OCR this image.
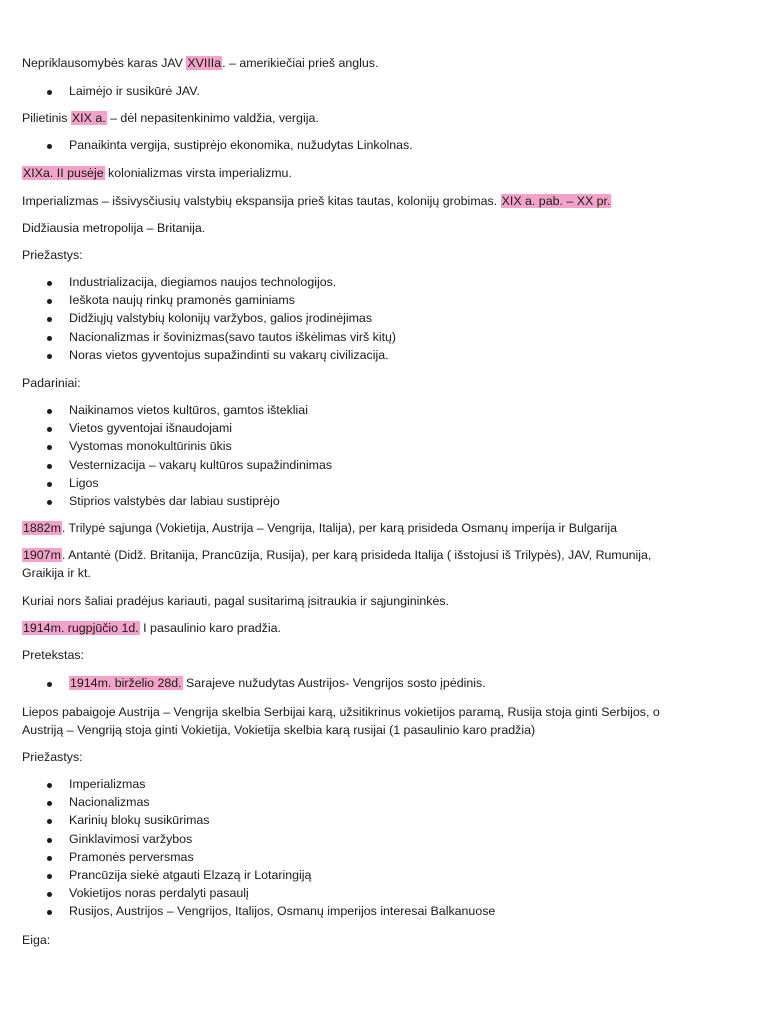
Nepriklausomybės karas JAV XVIIIa. – amerikiečiai prieš anglus.
Laimėjo ir susikūrė JAV.
Pilietinis XIX a. – dėl nepasitenkinimo valdžia, vergija.
Panaikinta vergija, sustiprėjo ekonomika, nužudytas Linkolnas.
XIXa. II pusėje kolonializmas virsta imperializmu.
Imperializmas – išsivysčiusių valstybių ekspansija prieš kitas tautas, kolonijų grobimas. XIX a. pab. – XX pr.
Didžiausia metropolija – Britanija.
Priežastys:
Industrializacija, diegiamos naujos technologijos.
Ieškota naujų rinkų pramonės gaminiams
Didžiųjų valstybių kolonijų varžybos, galios įrodinėjimas
Nacionalizmas ir šovinizmas(savo tautos iškėlimas virš kitų)
Noras vietos gyventojus supažindinti su vakarų civilizacija.
Padariniai:
Naikinamos vietos kultūros, gamtos ištekliai
Vietos gyventojai išnaudojami
Vystomas monokultūrinis ūkis
Vesternizacija – vakarų kultūros supažindinimas
Ligos
Stiprios valstybės dar labiau sustiprėjo
1882m. Trilypė sąjunga (Vokietija, Austrija – Vengrija, Italija), per karą prisideda Osmanų imperija ir Bulgarija
1907m. Antantė (Didž. Britanija, Prancūzija, Rusija), per karą prisideda Italija ( išstojusi iš Trilypės), JAV, Rumunija,
Graikija ir kt.
Kuriai nors šaliai pradėjus kariauti, pagal susitarimą įsitraukia ir sąjungininkės.
1914m. rugpjūčio 1d. I pasaulinio karo pradžia.
Pretekstas:
1914m. birželio 28d. Sarajeve nužudytas Austrijos- Vengrijos sosto įpėdinis.
Liepos pabaigoje Austrija – Vengrija skelbia Serbijai karą, užsitikrinus vokietijos paramą, Rusija stoja ginti Serbijos, o
Austriją – Vengriją stoja ginti Vokietija, Vokietija skelbia karą rusijai (1 pasaulinio karo pradžia)
Priežastys:
Imperializmas
Nacionalizmas
Karinių blokų susikūrimas
Ginklavimosi varžybos
Pramonės perversmas
Prancūzija siekė atgauti Elzazą ir Lotaringiją
Vokietijos noras perdalyti pasaulį
Rusijos, Austrijos – Vengrijos, Italijos, Osmanų imperijos interesai Balkanuose
Eiga:
